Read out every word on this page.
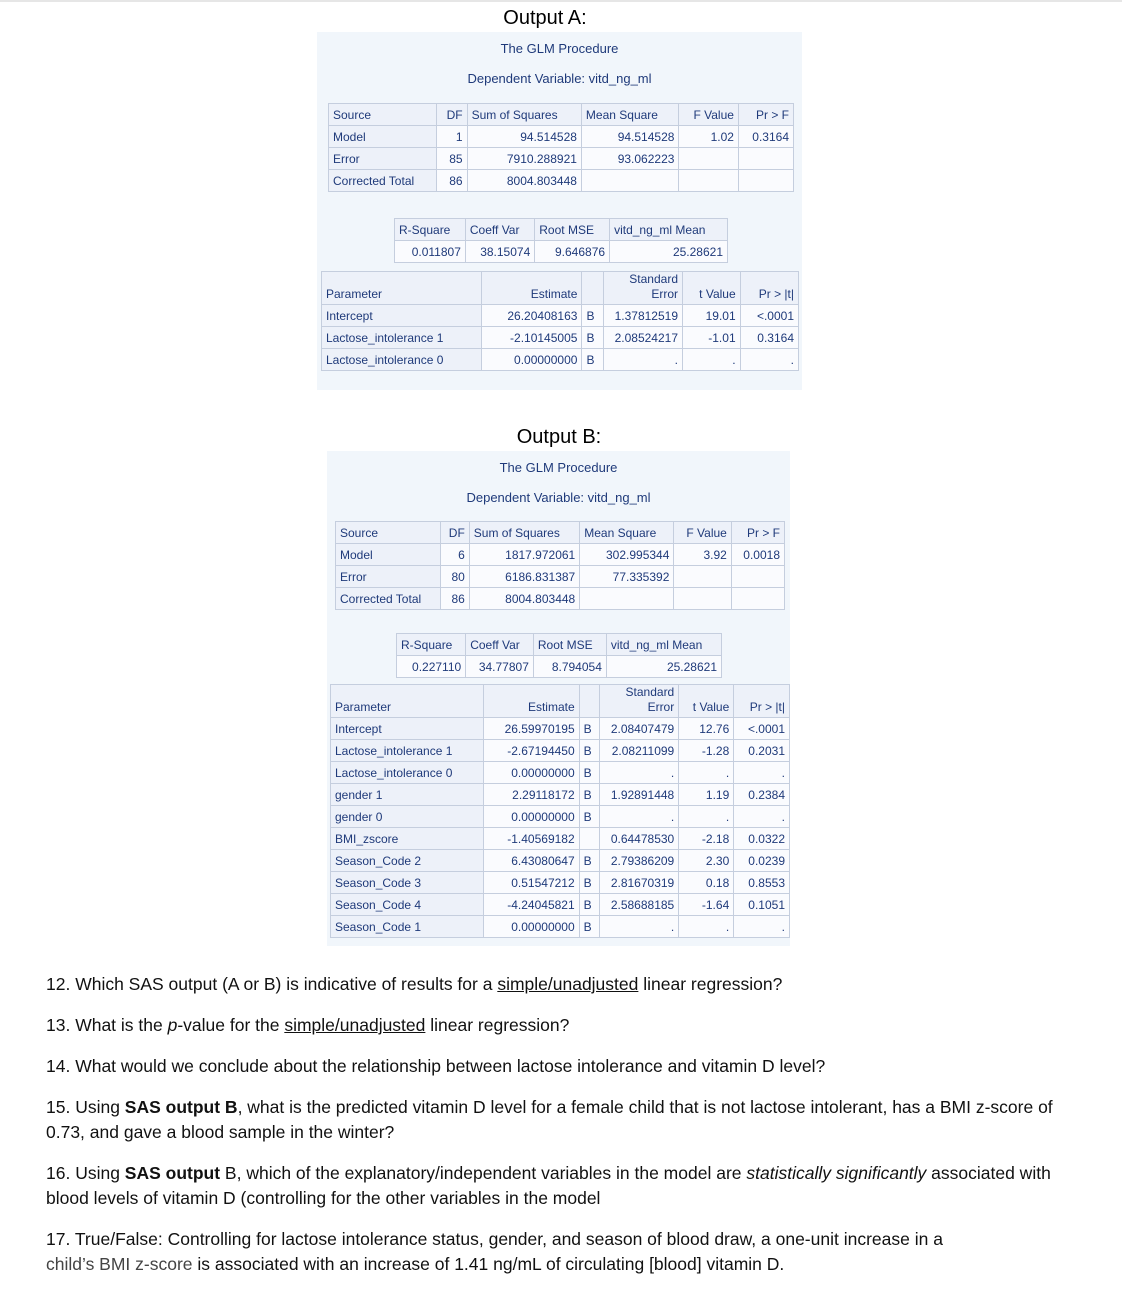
Output A:
The GLM Procedure
Dependent Variable: vitd_ng_ml
Source	DF	Sum of Squares	Mean Square	F Value	Pr > F
Model	1	94.514528	94.514528	1.02	0.3164
Error	85	7910.288921	93.062223		
Corrected Total	86	8004.803448			
R-Square	Coeff Var	Root MSE	vitd_ng_ml Mean
0.011807	38.15074	9.646876	25.28621
Parameter	Estimate		Standard Error	t Value	Pr > |t|
Intercept	26.20408163	B	1.37812519	19.01	<.0001
Lactose_intolerance 1	-2.10145005	B	2.08524217	-1.01	0.3164
Lactose_intolerance 0	0.00000000	B	.	.	.
Output B:
The GLM Procedure
Dependent Variable: vitd_ng_ml
Source	DF	Sum of Squares	Mean Square	F Value	Pr > F
Model	6	1817.972061	302.995344	3.92	0.0018
Error	80	6186.831387	77.335392		
Corrected Total	86	8004.803448			
R-Square	Coeff Var	Root MSE	vitd_ng_ml Mean
0.227110	34.77807	8.794054	25.28621
Parameter	Estimate		Standard Error	t Value	Pr > |t|
Intercept	26.59970195	B	2.08407479	12.76	<.0001
Lactose_intolerance 1	-2.67194450	B	2.08211099	-1.28	0.2031
Lactose_intolerance 0	0.00000000	B	.	.	.
gender 1	2.29118172	B	1.92891448	1.19	0.2384
gender 0	0.00000000	B	.	.	.
BMI_zscore	-1.40569182		0.64478530	-2.18	0.0322
Season_Code 2	6.43080647	B	2.79386209	2.30	0.0239
Season_Code 3	0.51547212	B	2.81670319	0.18	0.8553
Season_Code 4	-4.24045821	B	2.58688185	-1.64	0.1051
Season_Code 1	0.00000000	B	.	.	.

12. Which SAS output (A or B) is indicative of results for a simple/unadjusted linear regression?

13. What is the p-value for the simple/unadjusted linear regression?

14. What would we conclude about the relationship between lactose intolerance and vitamin D level?

15. Using SAS output B, what is the predicted vitamin D level for a female child that is not lactose intolerant, has a BMI z-score of 0.73, and gave a blood sample in the winter?

16. Using SAS output B, which of the explanatory/independent variables in the model are statistically significantly associated with blood levels of vitamin D (controlling for the other variables in the model

17. True/False: Controlling for lactose intolerance status, gender, and season of blood draw, a one-unit increase in a
child’s BMI z-score is associated with an increase of 1.41 ng/mL of circulating [blood] vitamin D.
